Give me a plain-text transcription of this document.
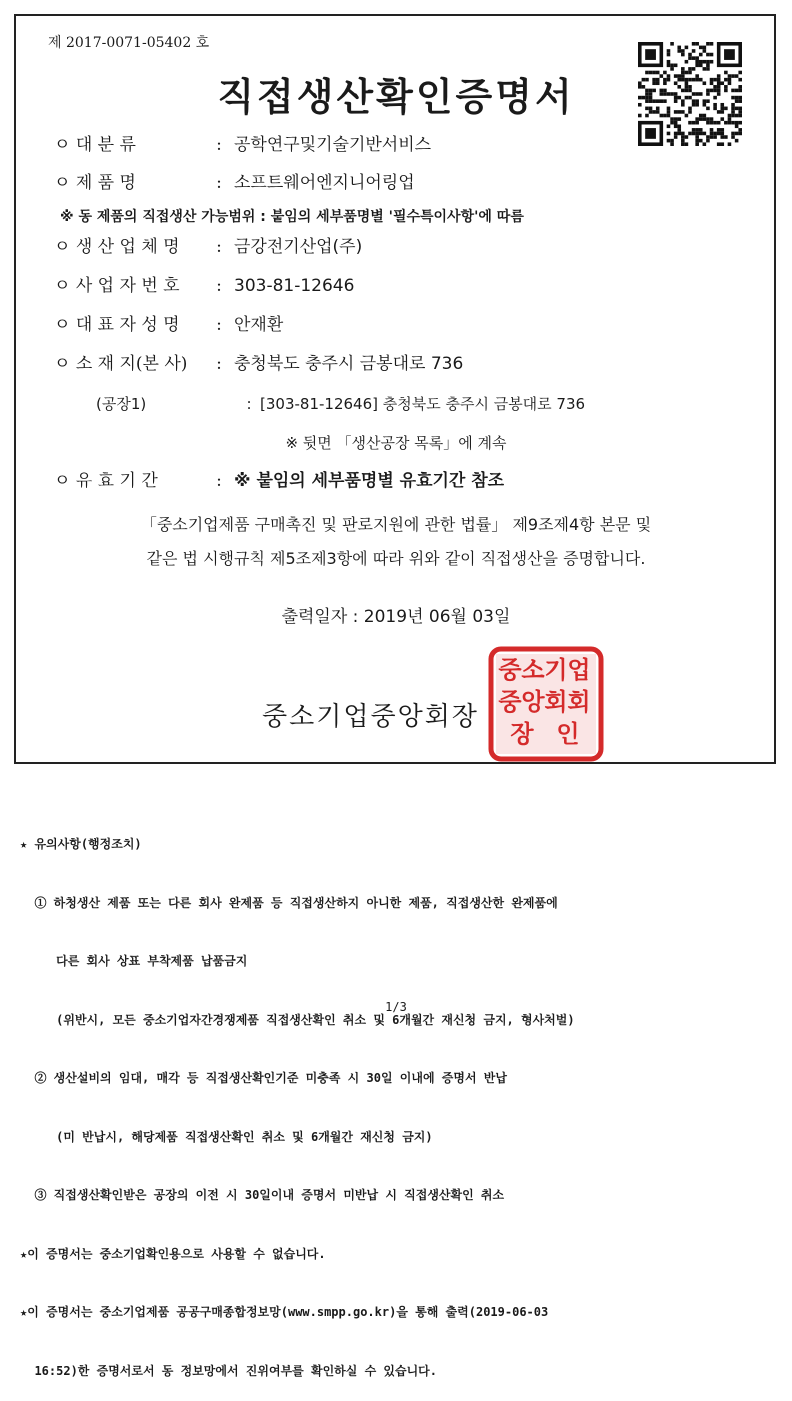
제 2017-0071-05402 호
직접생산확인증명서
ㅇ 대 분 류	: 공학연구및기술기반서비스
ㅇ 제 품 명	: 소프트웨어엔지니어링업
※ 동 제품의 직접생산 가능범위 : 붙임의 세부품명별 '필수특이사항'에 따름
ㅇ 생 산 업 체 명 : 금강전기산업(주)
ㅇ 사 업 자 번 호 : 303-81-12646
ㅇ 대 표 자 성 명 : 안재환
ㅇ 소 재 지(본 사) : 충청북도 충주시 금봉대로 736
(공장1)	: [303-81-12646] 충청북도 충주시 금봉대로 736
※ 뒷면 「생산공장 목록」에 계속
ㅇ 유 효 기 간	: ※ 붙임의 세부품명별 유효기간 참조
「중소기업제품 구매촉진 및 판로지원에 관한 법률」 제9조제4항 본문 및
같은 법 시행규칙 제5조제3항에 따라 위와 같이 직접생산을 증명합니다.
출력일자 : 2019년 06월 03일
중소기업중앙회장
중 소 기 업
중 앙 회 회
장 인

★ 유의사항(행정조치)

① 하청생산 제품 또는 다른 회사 완제품 등 직접생산하지 아니한 제품, 직접생산한 완제품에

다른 회사 상표 부착제품 납품금지

(위반시, 모든 중소기업자간경쟁제품 직접생산확인 취소 및 6개월간 재신청 금지, 형사처벌)

② 생산설비의 임대, 매각 등 직접생산확인기준 미충족 시 30일 이내에 증명서 반납

(미 반납시, 해당제품 직접생산확인 취소 및 6개월간 재신청 금지)

③ 직접생산확인받은 공장의 이전 시 30일이내 증명서 미반납 시 직접생산확인 취소

★이 증명서는 중소기업확인용으로 사용할 수 없습니다.

★이 증명서는 중소기업제품 공공구매종합정보망(www.smpp.go.kr)을 통해 출력(2019-06-03

16:52)한 증명서로서 동 정보망에서 진위여부를 확인하실 수 있습니다.

1/3
